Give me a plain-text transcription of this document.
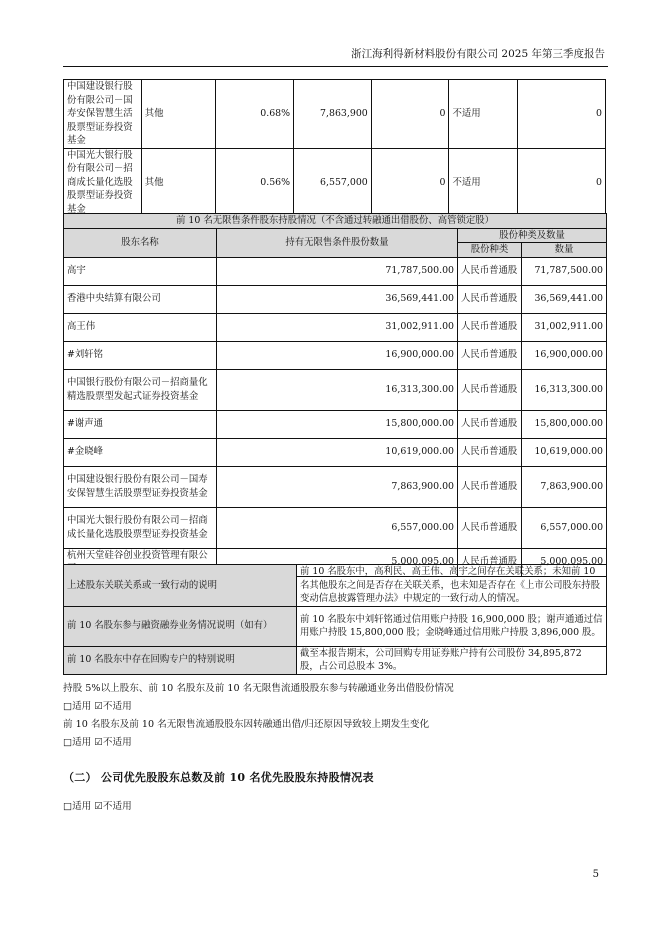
浙江海利得新材料股份有限公司 2025 年第三季度报告
中国建设银行股份有限公司－国寿安保智慧生活股票型证券投资基金	其他	0.68%	7,863,900	0	不适用	0
中国光大银行股份有限公司－招商成长量化选股股票型证券投资基金	其他	0.56%	6,557,000	0	不适用	0
前 10 名无限售条件股东持股情况（不含通过转融通出借股份、高管锁定股）			
股东名称	持有无限售条件股份数量	股份种类及数量	
		股份种类	数量
高宇	71,787,500.00	人民币普通股	71,787,500.00
香港中央结算有限公司	36,569,441.00	人民币普通股	36,569,441.00
高王伟	31,002,911.00	人民币普通股	31,002,911.00
#刘轩铭	16,900,000.00	人民币普通股	16,900,000.00
中国银行股份有限公司－招商量化精选股票型发起式证券投资基金	16,313,300.00	人民币普通股	16,313,300.00
#谢声通	15,800,000.00	人民币普通股	15,800,000.00
#金晓峰	10,619,000.00	人民币普通股	10,619,000.00
中国建设银行股份有限公司－国寿安保智慧生活股票型证券投资基金	7,863,900.00	人民币普通股	7,863,900.00
中国光大银行股份有限公司－招商成长量化选股股票型证券投资基金	6,557,000.00	人民币普通股	6,557,000.00
杭州天堂硅谷创业投资管理有限公	5,000,095.00	人民币普通股	5,000,095.00
上述股东关联关系或一致行动的说明	前 10 名股东中，高利民、高王伟、高宇之间存在关联关系；未知前 10 名其他股东之间是否存在关联关系，也未知是否存在《上市公司股东持股变动信息披露管理办法》中规定的一致行动人的情况。
前 10 名股东参与融资融券业务情况说明（如有）	前 10 名股东中刘轩铭通过信用账户持股 16,900,000 股；谢声通通过信用账户持股 15,800,000 股；金晓峰通过信用账户持股 3,896,000 股。
前 10 名股东中存在回购专户的特别说明	截至本报告期末，公司回购专用证券账户持有公司股份 34,895,872 股，占公司总股本 3%。
持股 5%以上股东、前 10 名股东及前 10 名无限售流通股股东参与转融通业务出借股份情况
□适用 ☑不适用
前 10 名股东及前 10 名无限售流通股股东因转融通出借/归还原因导致较上期发生变化
□适用 ☑不适用
（二） 公司优先股股东总数及前 10 名优先股股东持股情况表
□适用 ☑不适用
5
